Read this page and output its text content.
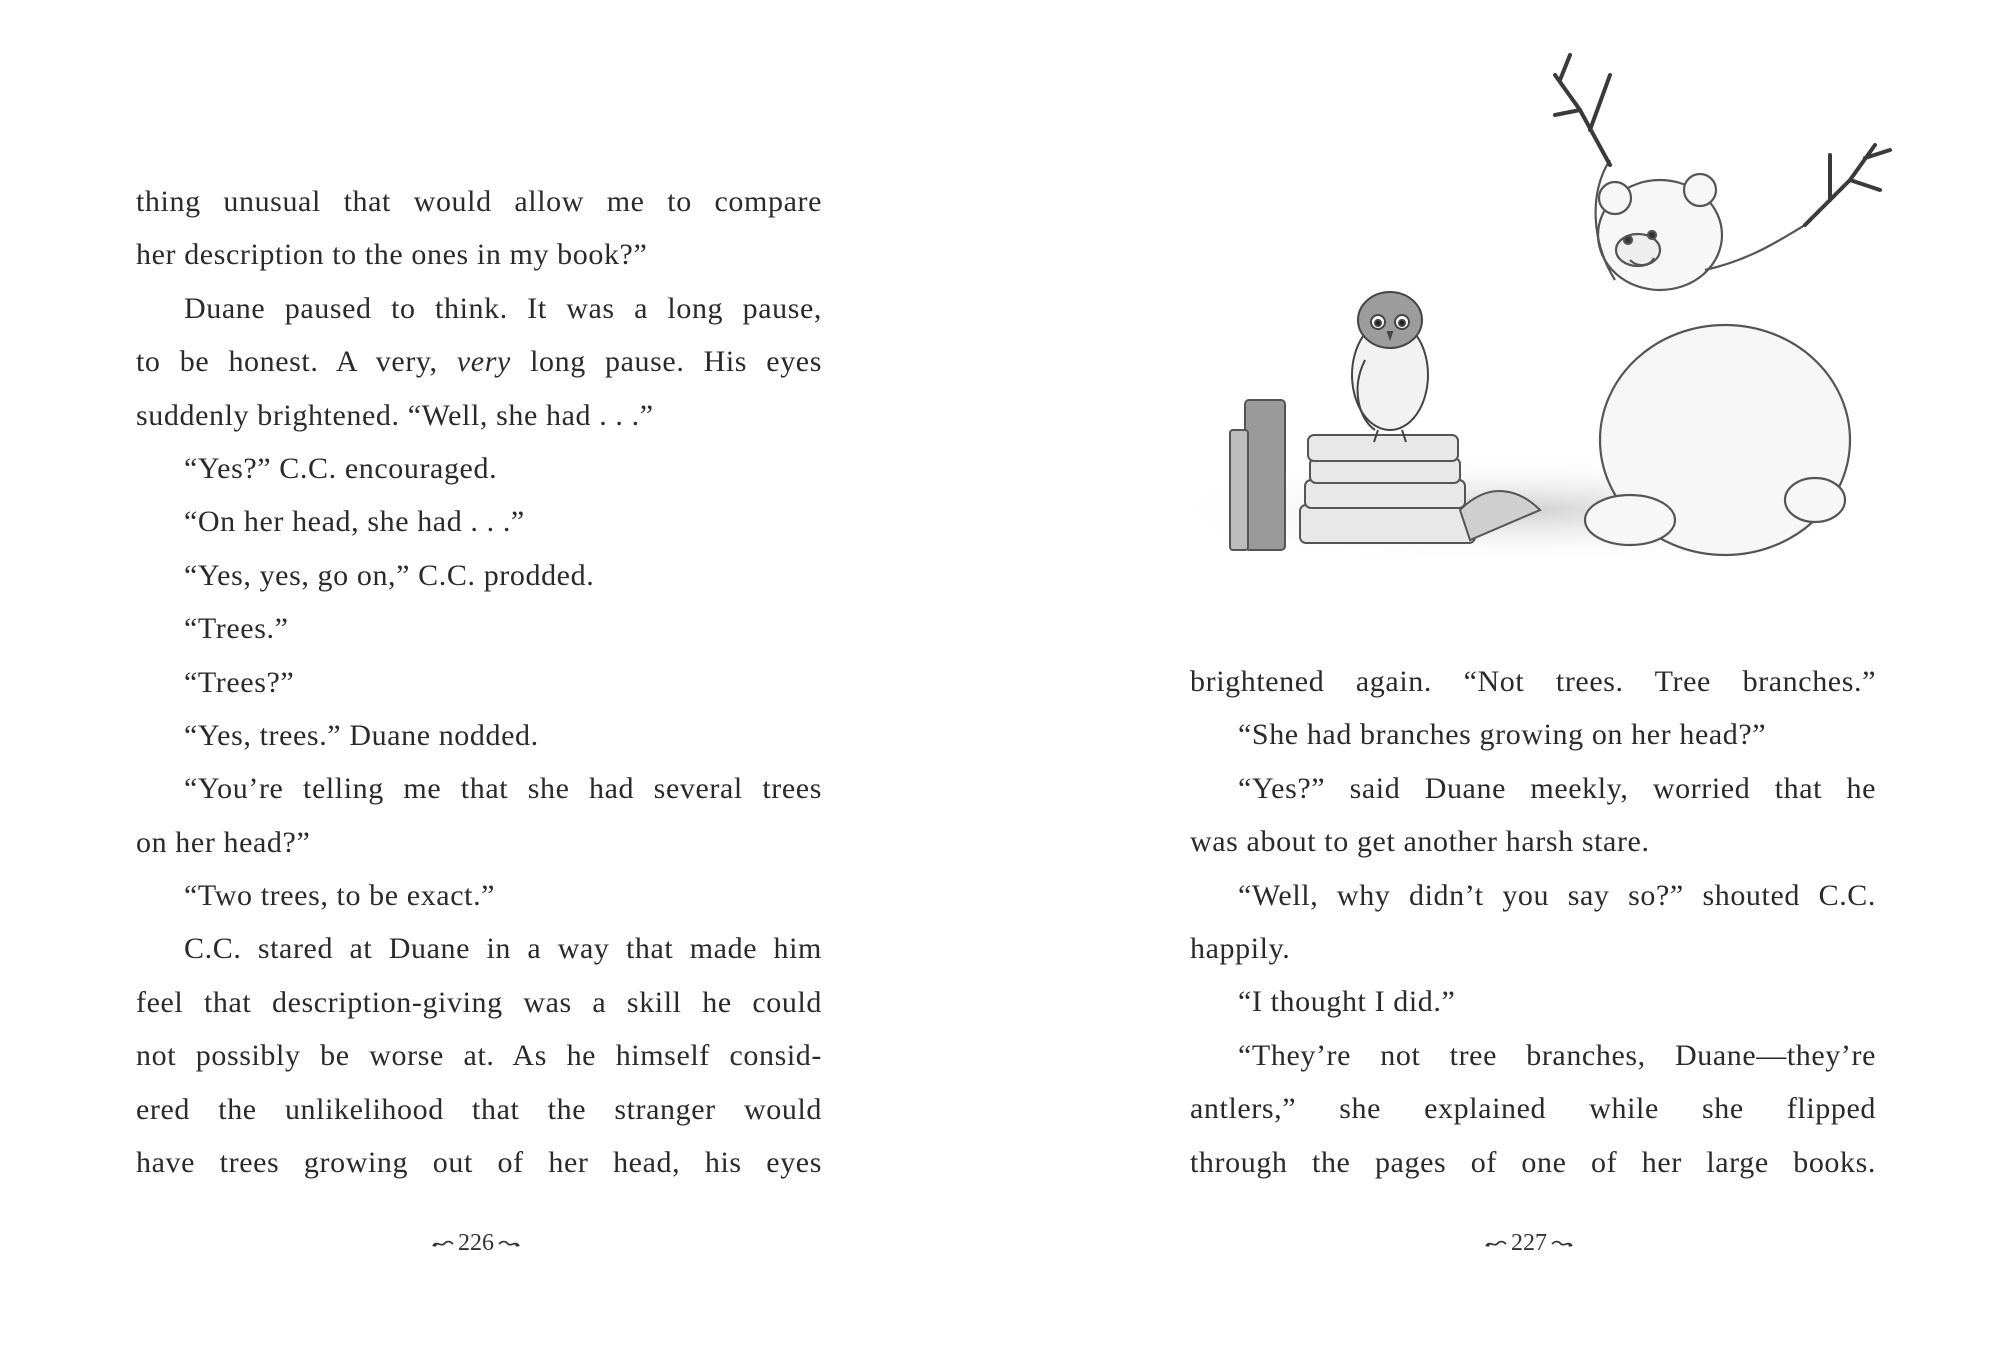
thing unusual that would allow me to compare
her description to the ones in my book?”
Duane paused to think. It was a long pause,
to be honest. A very, very long pause. His eyes
suddenly brightened. “Well, she had . . .”
“Yes?” C.C. encouraged.
“On her head, she had . . .”
“Yes, yes, go on,” C.C. prodded.
“Trees.”
“Trees?”
“Yes, trees.” Duane nodded.
“You’re telling me that she had several trees
on her head?”
“Two trees, to be exact.”
C.C. stared at Duane in a way that made him
feel that description-giving was a skill he could
not possibly be worse at. As he himself consid-
ered the unlikelihood that the stranger would
have trees growing out of her head, his eyes
226
brightened again. “Not trees. Tree branches.”
“She had branches growing on her head?”
“Yes?” said Duane meekly, worried that he
was about to get another harsh stare.
“Well, why didn’t you say so?” shouted C.C.
happily.
“I thought I did.”
“They’re not tree branches, Duane—they’re
antlers,” she explained while she flipped
through the pages of one of her large books.
227
